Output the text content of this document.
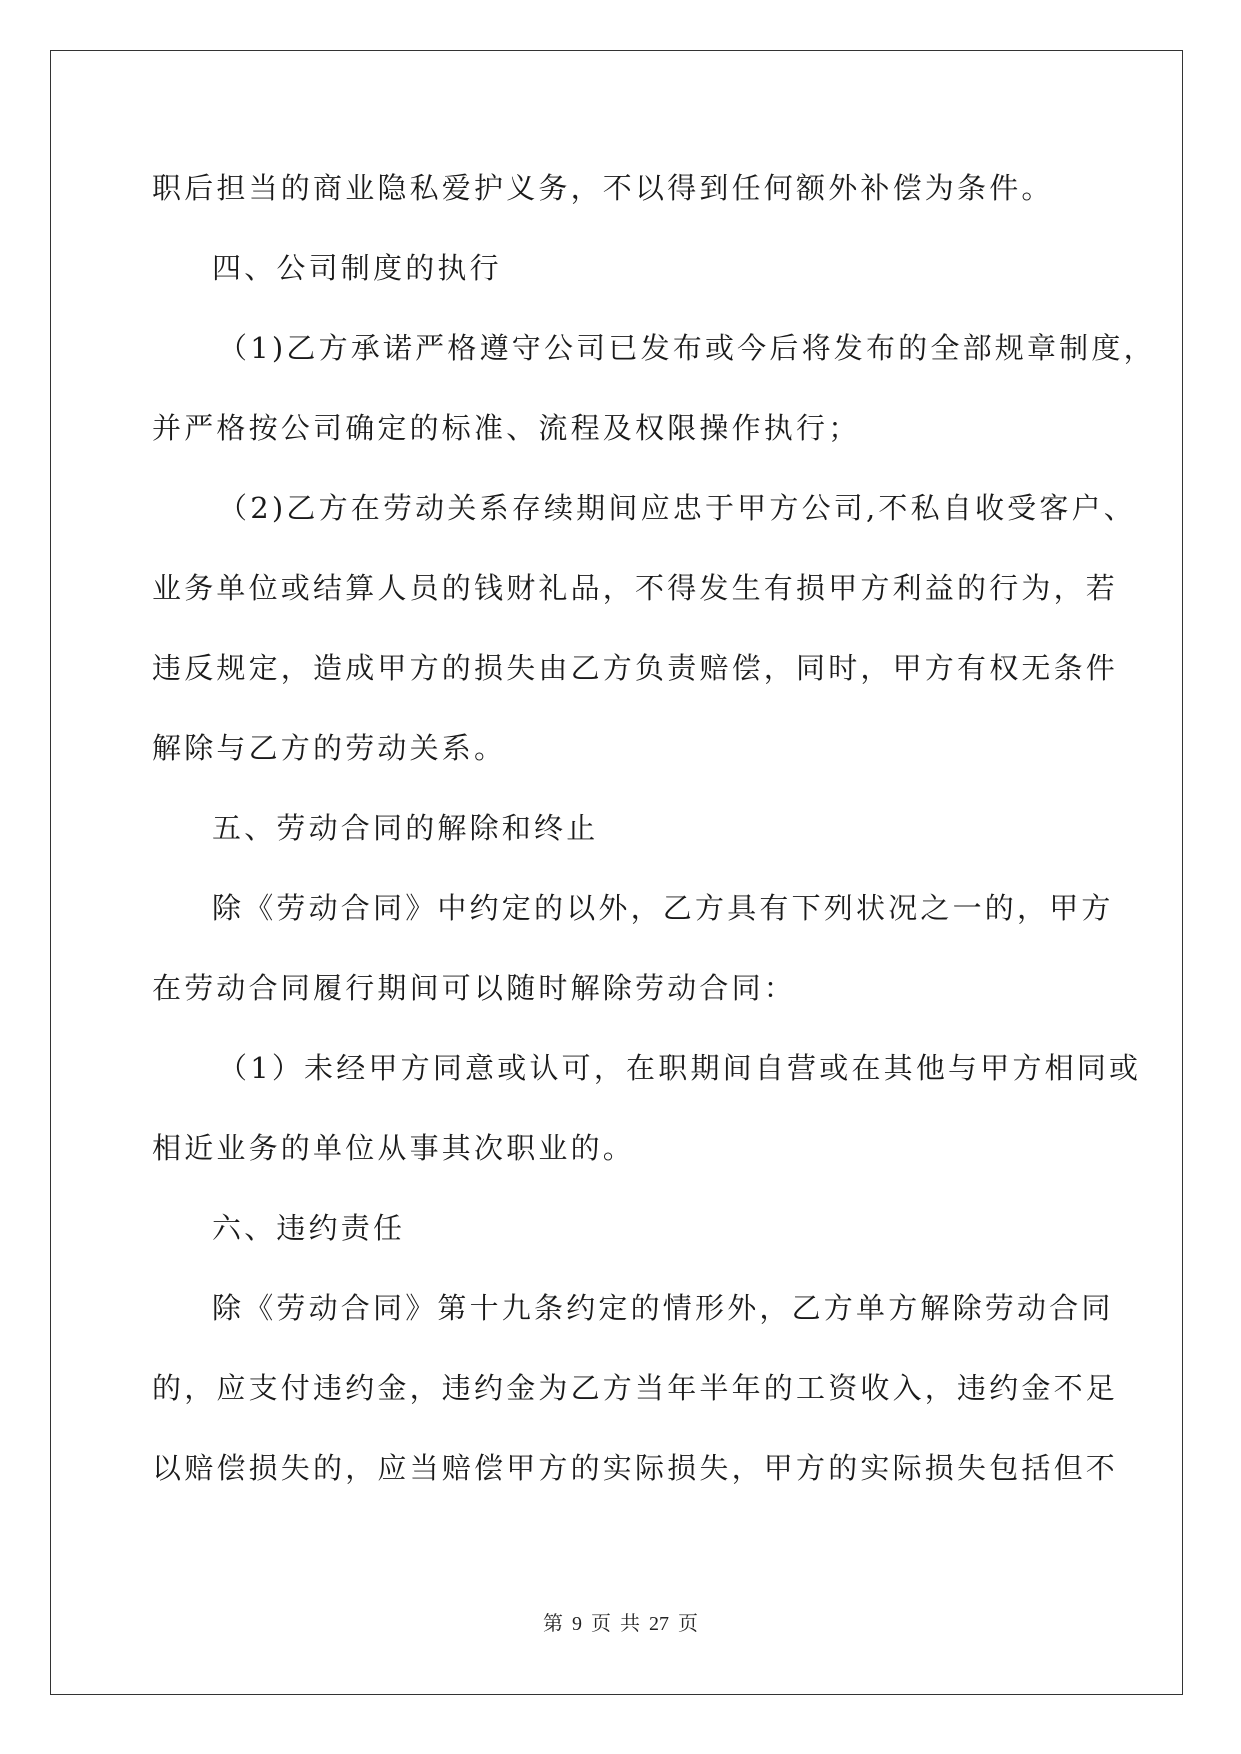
职后担当的商业隐私爱护义务，不以得到任何额外补偿为条件。
四、公司制度的执行
（1)乙方承诺严格遵守公司已发布或今后将发布的全部规章制度，
并严格按公司确定的标准、流程及权限操作执行；
（2)乙方在劳动关系存续期间应忠于甲方公司,不私自收受客户、
业务单位或结算人员的钱财礼品，不得发生有损甲方利益的行为，若
违反规定，造成甲方的损失由乙方负责赔偿，同时，甲方有权无条件
解除与乙方的劳动关系。
五、劳动合同的解除和终止
除《劳动合同》中约定的以外，乙方具有下列状况之一的，甲方
在劳动合同履行期间可以随时解除劳动合同：
（1）未经甲方同意或认可，在职期间自营或在其他与甲方相同或
相近业务的单位从事其次职业的。
六、违约责任
除《劳动合同》第十九条约定的情形外，乙方单方解除劳动合同
的，应支付违约金，违约金为乙方当年半年的工资收入，违约金不足
以赔偿损失的，应当赔偿甲方的实际损失，甲方的实际损失包括但不
第 9 页 共 27 页
